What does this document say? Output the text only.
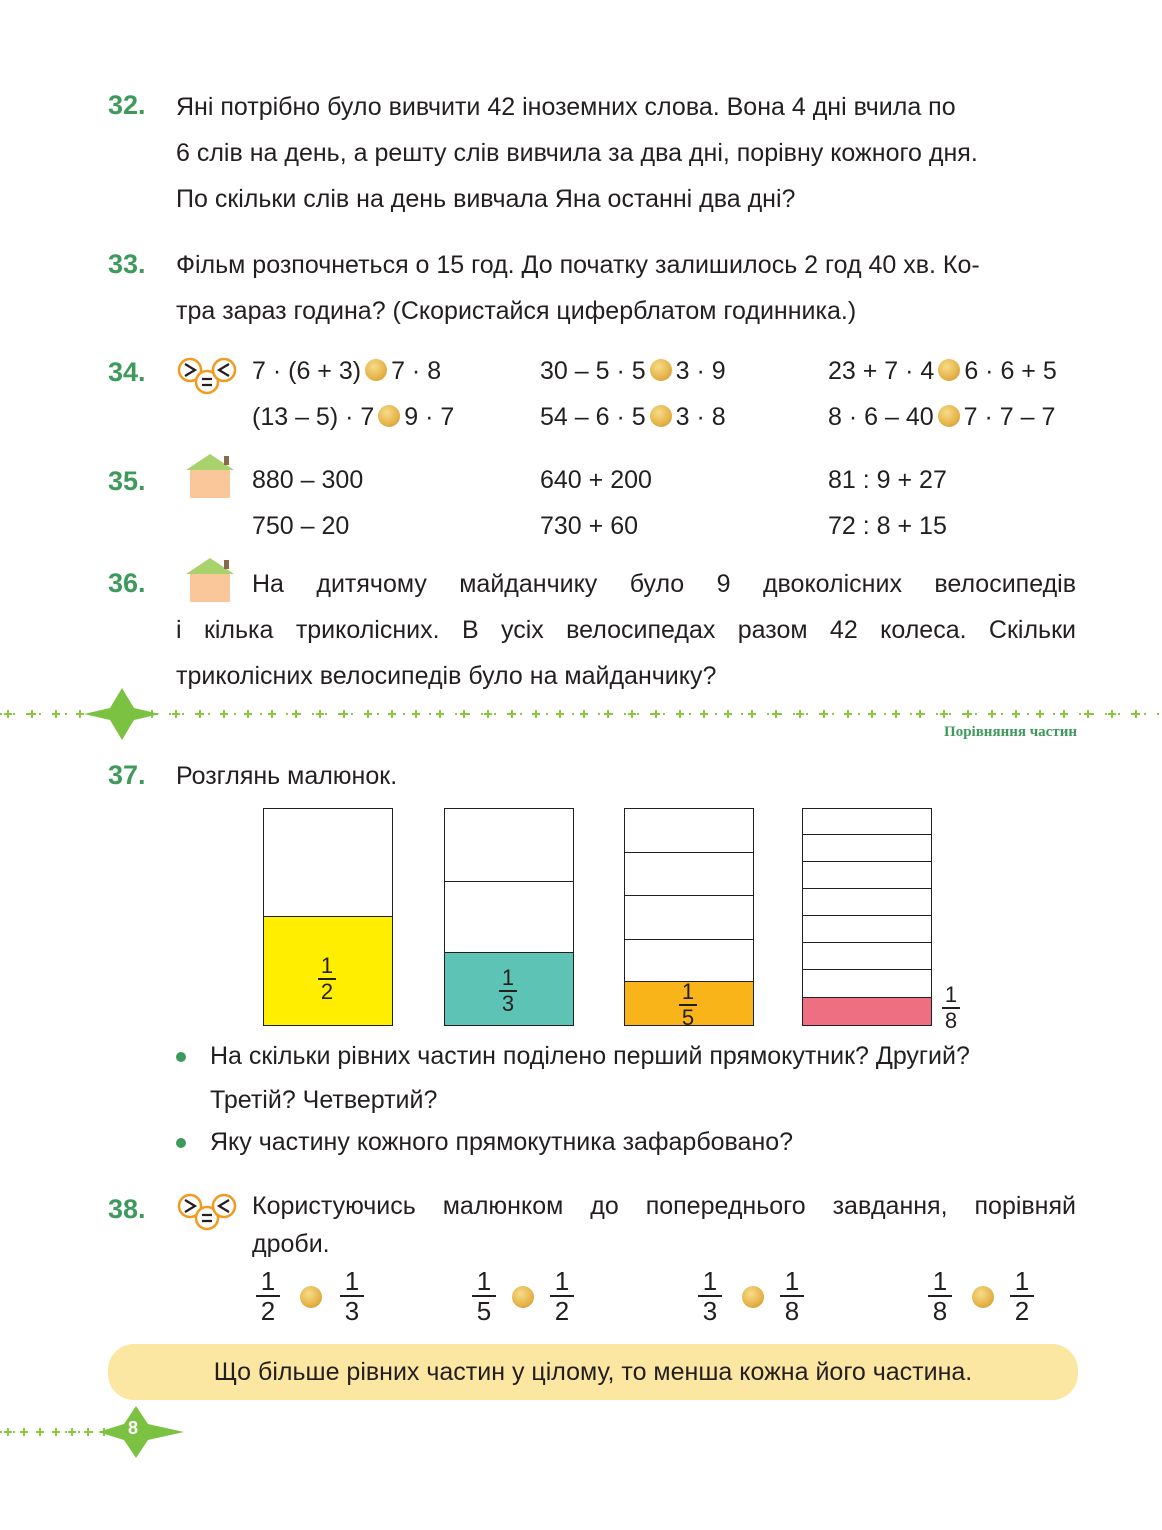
32. Яні потрібно було вивчити 42 іноземних слова. Вона 4 дні вчила по
6 слів на день, а решту слів вивчила за два дні, порівну кожного дня.
По скільки слів на день вивчала Яна останні два дні?
33. Фільм розпочнеться о 15 год. До початку залишилось 2 год 40 хв. Ко-
тра зараз година? (Скористайся циферблатом годинника.)
34.	7 · (6 + 3) 7 · 8	30 – 5 · 5 3 · 9	23 + 7 · 4 6 · 6 + 5
(13 – 5) · 7 9 · 7	54 – 6 · 5 3 · 8	8 · 6 – 40 7 · 7 – 7
35.	880 – 300	640 + 200	81 : 9 + 27
750 – 20	730 + 60	72 : 8 + 15
36.	На дитячому майданчику було 9 двоколісних велосипедів
і кілька триколісних. В усіх велосипедах разом 42 колеса. Скільки
триколісних велосипедів було на майданчику?
Порівняння частин
37. Розглянь малюнок.
1
2
1
3	1
5
1
8
На скільки рівних частин поділено перший прямокутник? Другий?
Третій? Четвертий?
Яку частину кожного прямокутника зафарбовано?
38.	Користуючись малюнком до попереднього завдання, порівняй
дроби.
1
2
1
3
1
5
1
2
1
3
1
8
1
8
1
2
Що більше рівних частин у цілому, то менша кожна його частина.
8
